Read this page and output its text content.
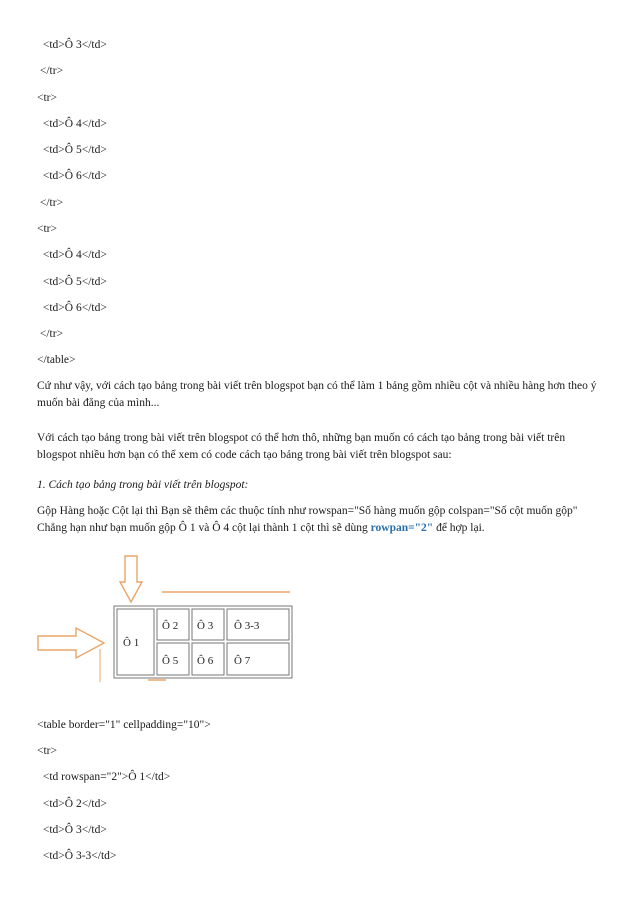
<td>Ô 3</td>
</tr>
<tr>
<td>Ô 4</td>
<td>Ô 5</td>
<td>Ô 6</td>
</tr>
<tr>
<td>Ô 4</td>
<td>Ô 5</td>
<td>Ô 6</td>
</tr>
</table>
Cứ như vậy, với cách tạo bảng trong bài viết trên blogspot bạn có thể làm 1 bảng gồm nhiều cột và nhiều hàng hơn theo ý muốn bài đăng của mình...
Với cách tạo bảng trong bài viết trên blogspot có thể hơn thô, những bạn muốn có cách tạo bảng trong bài viết trên blogspot nhiều hơn bạn có thể xem có code cách tạo bảng trong bài viết trên blogspot sau:
1. Cách tạo bảng trong bài viết trên blogspot:
Gộp Hàng hoặc Cột lại thì Bạn sẽ thêm các thuộc tính như rowspan="Số hàng muốn gộp colspan="Số cột muốn gộp"
Chẳng hạn như bạn muốn gộp Ô 1 và Ô 4 cột lại thành 1 cột thì sẽ dùng rowpan="2" để hợp lại.
Ô 1
Ô 2 Ô 3 Ô 3-3
Ô 5 Ô 6 Ô 7
<table border="1" cellpadding="10">
<tr>
<td rowspan="2">Ô 1</td>
<td>Ô 2</td>
<td>Ô 3</td>
<td>Ô 3-3</td>
